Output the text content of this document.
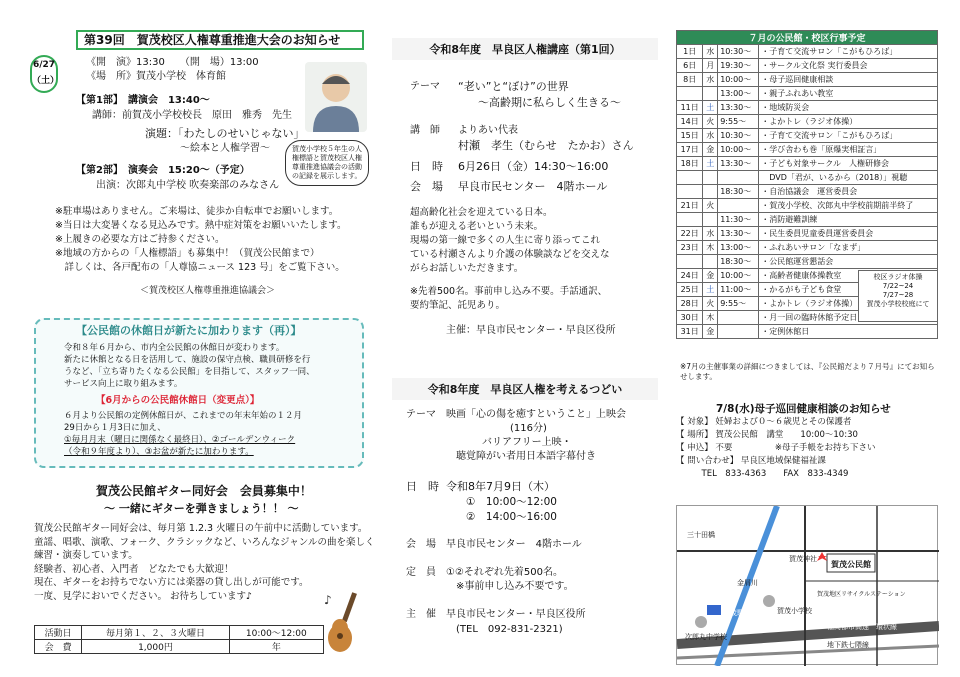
第39回　賀茂校区人権尊重推進大会のお知らせ
6/27（土）
《開　演》13:30　　（開　場）13:00
《場　所》賀茂小学校　体育館
【第1部】　講演会　13:40～
講師：前賀茂小学校校長　原田　雅秀　先生
演題：「わたしのせいじゃない」
～絵本と人権学習～
【第2部】　演奏会　15:20～（予定）
出演：次郎丸中学校 吹奏楽部のみなさん
賀茂小学校５年生の人権標語と賀茂校区人権尊重推進協議会の活動の記録を展示します。
※駐車場はありません。ご来場は、徒歩か自転車でお願いします。
※当日は大変暑くなる見込みです。熱中症対策をお願いいたします。
※上履きの必要な方はご持参ください。
※地域の方からの「人権標語」も募集中！（賀茂公民館まで）
　詳しくは、各戸配布の「人尊協ニュース 123 号」をご覧下さい。
＜賀茂校区人権尊重推進協議会＞
【公民館の休館日が新たに加わります（再）】
令和８年６月から、市内全公民館の休館日が変わります。
新たに休館となる日を活用して、施設の保守点検、職員研修を行
うなど、「立ち寄りたくなる公民館」を目指して、スタッフ一同、
サービス向上に取り組みます。
【6月からの公民館休館日（変更点）】
６月より公民館の定例休館日が、これまでの年末年始の１２月
29日から１月3日に加え、
①毎月月末（曜日に関係なく最終日）、②ゴールデンウィーク
（令和９年度より）、③お盆が新たに加わります。
賀茂公民館ギター同好会　会員募集中！
～ 一緒にギターを弾きましょう！！ ～
賀茂公民館ギター同好会は、毎月第 1.2.3 火曜日の午前中に活動しています。
童謡、唱歌、演歌、フォーク、クラシックなど、いろんなジャンルの曲を楽しく
練習・演奏しています。
経験者、初心者、入門者　どなたでも大歓迎！
現在、ギターをお持ちでない方には楽器の貸し出しが可能です。
一度、見学においでください。 お待ちしています♪	♪
活動日	毎月第１、２、３火曜日	10:00～12:00
会　費	1,000円	年
令和8年度　早良区人権講座（第1回）
テーマ “老い”と“ぼけ”の世界
～高齢期に私らしく生きる～
講　師 よりあい代表
村瀬　孝生（むらせ　たかお）さん
日　時 6月26日（金）14:30～16:00
会　場 早良市民センター　4階ホール
超高齢化社会を迎えている日本。
誰もが迎える老いという未来。
現場の第一線で多くの人生に寄り添ってこれ
ている村瀬さんより介護の体験談などを交えな
がらお話しいただきます。
※先着500名。事前申し込み不要。手話通訳、
要約筆記、託児あり。
主催：早良市民センター・早良区役所
令和8年度　早良区人権を考えるつどい
テーマ 映画「心の傷を癒すということ」上映会
(116分)
バリアフリー上映・
聴覚障がい者用日本語字幕付き
日　時 令和8年7月9日（木）
①　10:00～12:00
②　14:00～16:00
会　場 早良市民センター　4階ホール
定　員 ①②それぞれ先着500名。
※事前申し込み不要です。
主　催 早良市民センター・早良区役所
(TEL　092-831-2321)
７月の公民館・校区行事予定			
1日	水	10:30～	・子育て交流サロン「こがもひろば」
6日	月	19:30～	・サークル文化祭 実行委員会
8日	水	10:00～	・母子巡回健康相談
		13:00～	・親子ふれあい教室
11日	土	13:30～	・地域防災会
14日	火	9:55～	・よかトレ（ラジオ体操）
15日	水	10:30～	・子育て交流サロン「こがもひろば」
17日	金	10:00～	・学び舎わも巻「原爆実相証言」
18日	土	13:30～	・子ども対象サークル　人権研修会
			　DVD「君が、いるから（2018）」視聴
		18:30～	・自治協議会　運営委員会
21日	火		・賀茂小学校、次郎丸中学校前期前半終了
		11:30～	・消防避難訓練
22日	水	13:30～	・民生委員児童委員運営委員会
23日	木	13:00～	・ふれあいサロン「なまず」
		18:30～	・公民館運営懇話会
24日	金	10:00～	・高齢者健康体操教室
25日	土	11:00～	・かるがも子ども食堂
28日	火	9:55～	・よかトレ（ラジオ体操）
30日	木		・月一回の臨時休館予定日
31日	金		・定例休館日
校区ラジオ体操
7/22~24
7/27~28
賀茂小学校校庭にて
※7月の主催事業の詳細につきましては、『公民館だより７月号』にてお知らせします。
7/8(水)母子巡回健康相談のお知らせ
【 対象】 妊婦および０～６歳児とその保護者
【 場所】 賀茂公民館　講堂　　10:00～10:30
【 申込】 不要　　　　　※母子手帳をお持ち下さい
【 問い合わせ】 早良区地域保健福祉課
　　　TEL　833-4363　　FAX　833-4349
三十田橋
賀茂神社
賀茂公民館
賀茂小学校
賀茂駅
次郎丸中学校
金屑川
賀茂地区リサイクルステーション
福岡都市高速　環状線
地下鉄七隈線
